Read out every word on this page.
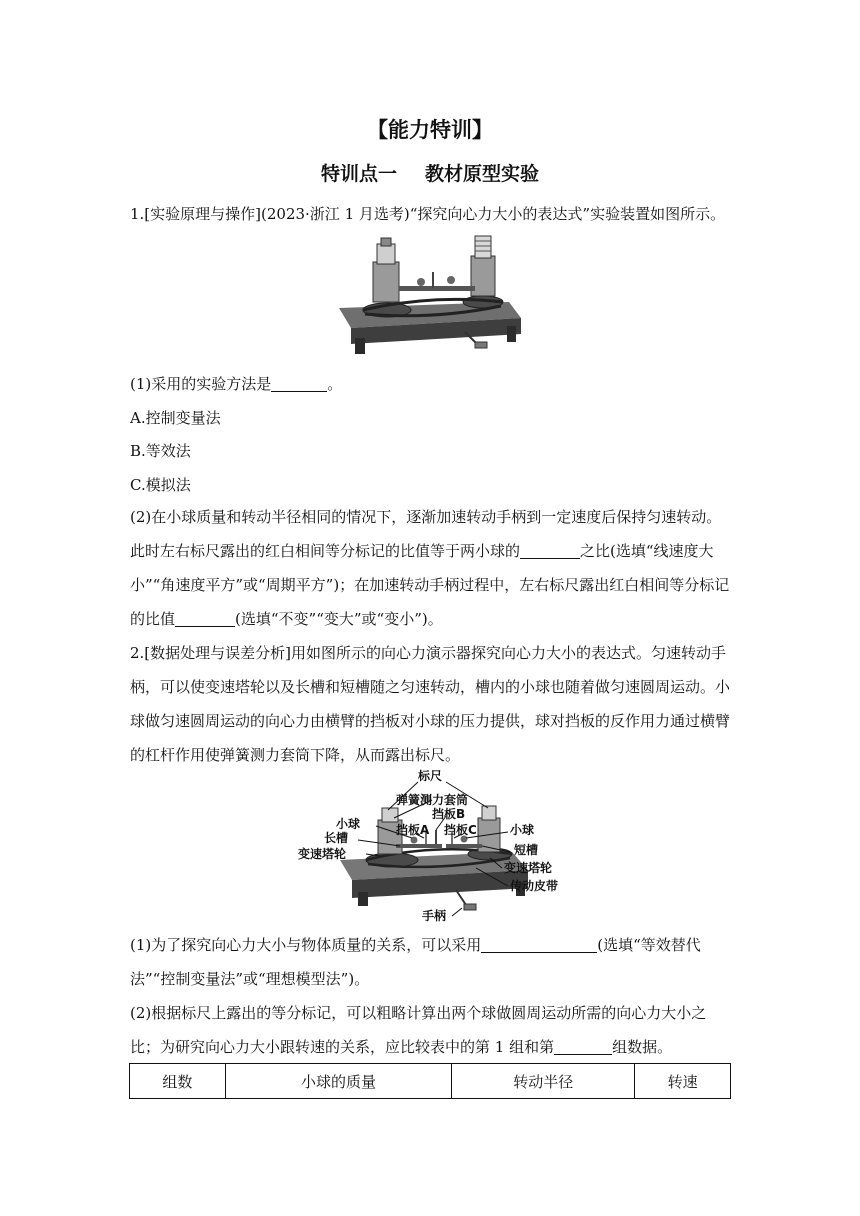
【能力特训】
特训点一 教材原型实验
1.[实验原理与操作](2023·浙江 1 月选考)“探究向心力大小的表达式”实验装置如图所示。
(1)采用的实验方法是	。
A.控制变量法
B.等效法
C.模拟法
(2)在小球质量和转动半径相同的情况下，逐渐加速转动手柄到一定速度后保持匀速转动。此时左右标尺露出的红白相间等分标记的比值等于两小球的	之比(选填“线速度大小”“角速度平方”或“周期平方”)；在加速转动手柄过程中，左右标尺露出红白相间等分标记的比值	(选填“不变”“变大”或“变小”)。
2.[数据处理与误差分析]用如图所示的向心力演示器探究向心力大小的表达式。匀速转动手柄，可以使变速塔轮以及长槽和短槽随之匀速转动，槽内的小球也随着做匀速圆周运动。小球做匀速圆周运动的向心力由横臂的挡板对小球的压力提供，球对挡板的反作用力通过横臂的杠杆作用使弹簧测力套筒下降，从而露出标尺。
标尺
弹簧测力套筒
挡板B
小球	挡板A 挡板C	小球
长槽
短槽
变速塔轮
变速塔轮
传动皮带
手柄
(1)为了探究向心力大小与物体质量的关系，可以采用	(选填“等效替代法”“控制变量法”或“理想模型法”)。
(2)根据标尺上露出的等分标记，可以粗略计算出两个球做圆周运动所需的向心力大小之比；为研究向心力大小跟转速的关系，应比较表中的第 1 组和第	组数据。
组数	小球的质量	转动半径	转速
